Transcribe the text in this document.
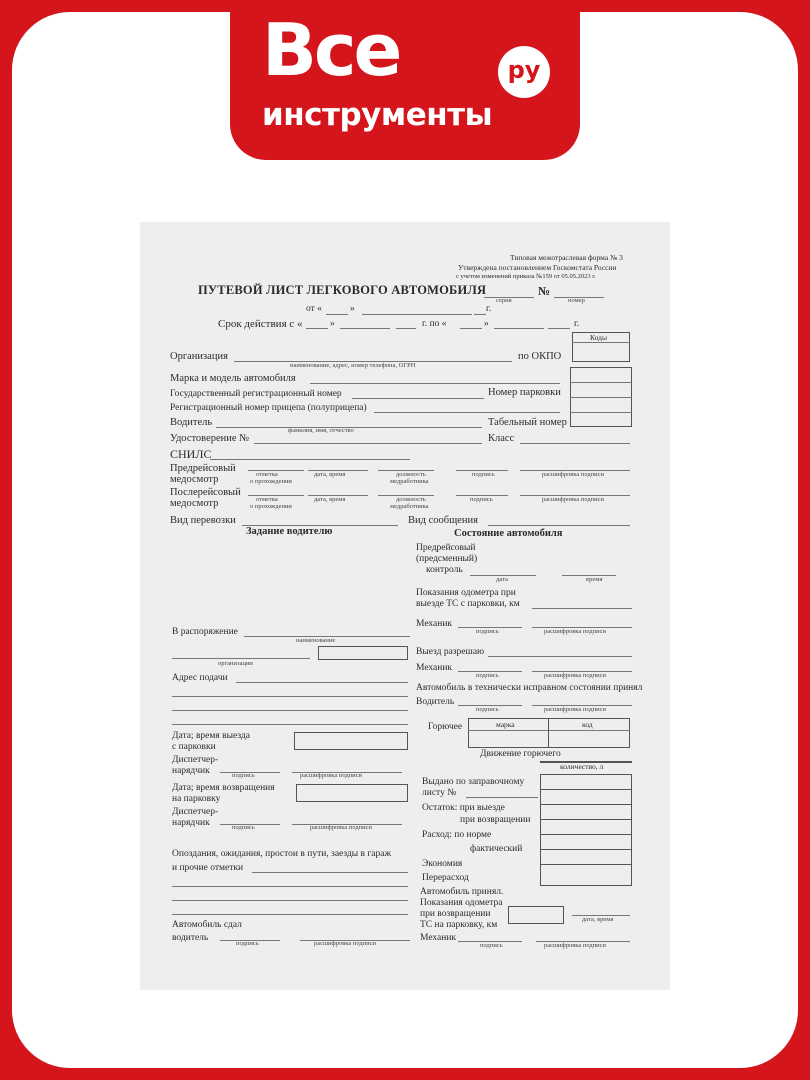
Все	ру
инструменты
Типовая межотраслевая форма № 3
Утверждена постановлением Госкомстата России
с учетом изменений приказа №159 от 05.05.2023 г.
ПУТЕВОЙ ЛИСТ ЛЕГКОВОГО АВТОМОБИЛЯ	№
серия	номер
от «	»	г.
Срок действия с «	»	г. по «	»	г.
Коды
Организация	по ОКПО
наименование, адрес, номер телефона, ОГРН
Марка и модель автомобиля
Государственный регистрационный номер	Номер парковки
Регистрационный номер прицепа (полуприцепа)
Водитель	Табельный номер
фамилия, имя, отчество
Удостоверение №	Класс
СНИЛС
Предрейсовый
медосмотр	отметка
о прохождении
дата, время	должность
медработника
подпись	расшифровка подписи
Послерейсовый
медосмотр	отметка
о прохождении
дата, время	должность
медработника
подпись	расшифровка подписи
Вид перевозки	Вид сообщения
Задание водителю	Состояние автомобиля
Предрейсовый
(предсменный)
контроль
дата	время
Показания одометра при
выезде ТС с парковки, км
Механик
подпись	расшифровка подписи
Выезд разрешаю
Механик
подпись	расшифровка подписи
Автомобиль в технически исправном состоянии принял
Водитель
подпись	расшифровка подписи
Горючее	марка	код
Движение горючего
количество, л
Выдано по заправочному
листу №
Остаток: при выезде
при возвращении
Расход: по норме
фактический
Экономия
Перерасход
Автомобиль принял.
Показания одометра
при возвращении
ТС на парковку, км
дата, время
Механик
подпись	расшифровка подписи
В распоряжение
наименование
организации
Адрес подачи
Дата; время выезда
с парковки
Диспетчер-
нарядчик	подпись	расшифровка подписи
Дата; время возвращения
на парковку
Диспетчер-
нарядчик	подпись	расшифровка подписи
Опоздания, ожидания, простои в пути, заезды в гараж
и прочие отметки
Автомобиль сдал
водитель
подпись	расшифровка подписи
